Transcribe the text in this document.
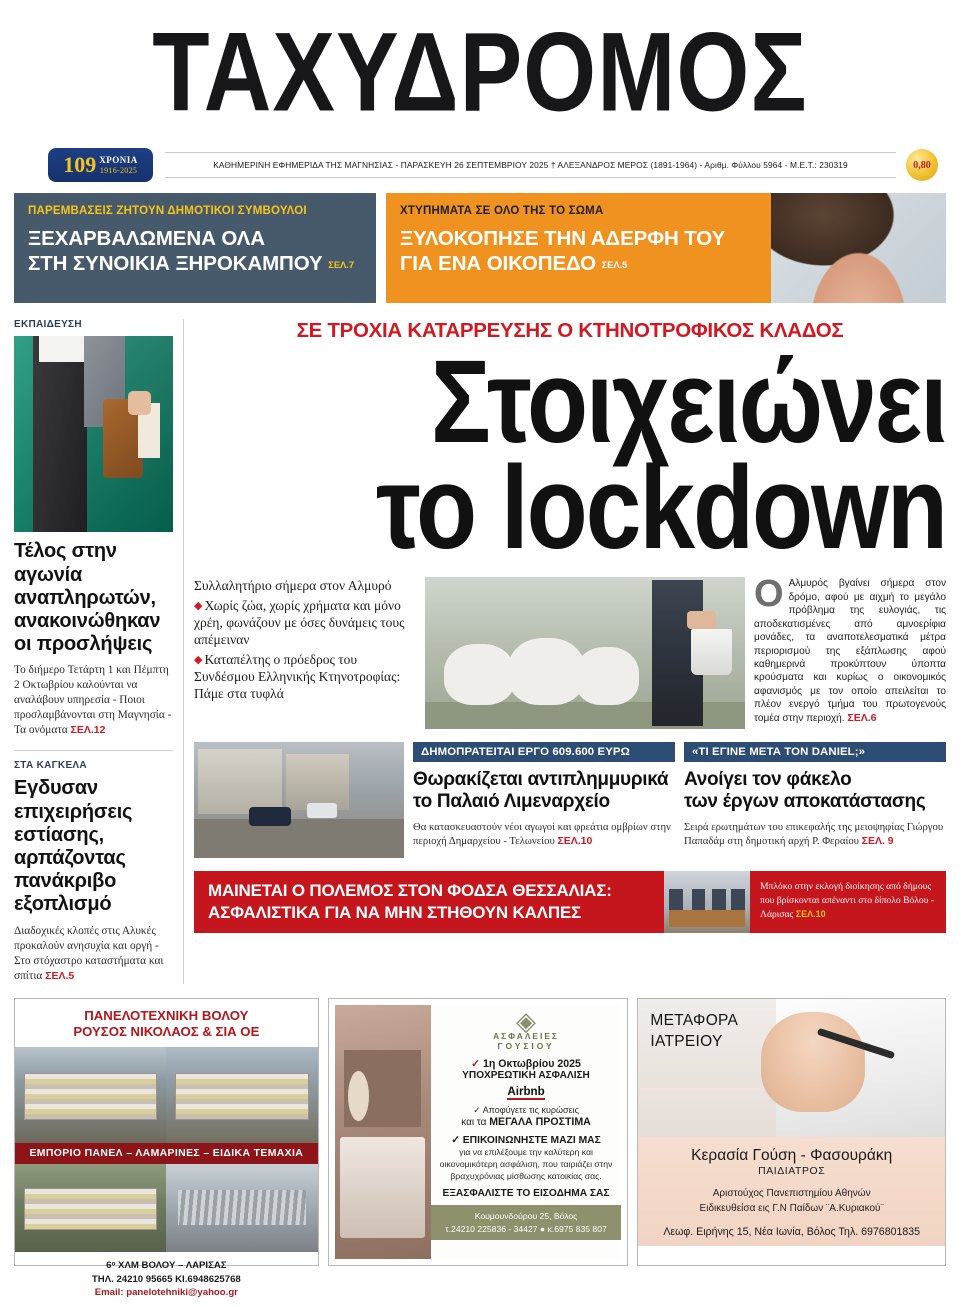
ΤΑΧΥΔΡΟΜΟΣ
109 ΧΡΟΝΙΑ
1916-2025	ΚΑΘΗΜΕΡΙΝΗ ΕΦΗΜΕΡΙΔΑ ΤΗΣ ΜΑΓΝΗΣΙΑΣ - ΠΑΡΑΣΚΕΥΗ 26 ΣΕΠΤΕΜΒΡΙΟΥ 2025 † ΑΛΕΞΑΝΔΡΟΣ ΜΕΡΟΣ (1891-1964) - Αριθμ. Φύλλου 5964 - Μ.Ε.Τ.: 230319	0,80
ΠΑΡΕΜΒΑΣΕΙΣ ΖΗΤΟΥΝ ΔΗΜΟΤΙΚΟΙ ΣΥΜΒΟΥΛΟΙ
ΞΕΧΑΡΒΑΛΩΜΕΝΑ ΟΛΑ
ΣΤΗ ΣΥΝΟΙΚΙΑ ΞΗΡΟΚΑΜΠΟΥ ΣΕΛ.7
ΧΤΥΠΗΜΑΤΑ ΣΕ ΟΛΟ ΤΗΣ ΤΟ ΣΩΜΑ
ΞΥΛΟΚΟΠΗΣΕ ΤΗΝ ΑΔΕΡΦΗ ΤΟΥ
ΓΙΑ ΕΝΑ ΟΙΚΟΠΕΔΟ ΣΕΛ.5
ΕΚΠΑΙΔΕΥΣΗ
Τέλος στην αγωνία αναπληρωτών, ανακοινώθηκαν οι προσλήψεις
Το διήμερο Τετάρτη 1 και Πέμπτη 2 Οκτωβρίου καλούνται να αναλάβουν υπηρεσία - Ποιοι προσλαμβάνονται στη Μαγνησία - Τα ονόματα ΣΕΛ.12
ΣΤΑ ΚΑΓΚΕΛΑ
Εγδυσαν επιχειρήσεις εστίασης, αρπάζοντας πανάκριβο εξοπλισμό
Διαδοχικές κλοπές στις Αλυκές προκαλούν ανησυχία και οργή - Στο στόχαστρο καταστήματα και σπίτια ΣΕΛ.5
ΣΕ ΤΡΟΧΙΑ ΚΑΤΑΡΡΕΥΣΗΣ Ο ΚΤΗΝΟΤΡΟΦΙΚΟΣ ΚΛΑΔΟΣ
Στοιχειώνει
το lockdown
Συλλαλητήριο σήμερα στον Αλμυρό
◆ Χωρίς ζώα, χωρίς χρήματα και μόνο χρέη, φωνάζουν με όσες δυνάμεις τους απέμειναν
◆ Καταπέλτης ο πρόεδρος του Συνδέσμου Ελληνικής Κτηνοτροφίας: Πάμε στα τυφλά
Ο Αλμυρός βγαίνει σήμερα στον δρόμο, αφού με αιχμή το μεγάλο πρόβλημα της ευλογιάς, τις αποδεκατισμένες από αμνοερίφια μονάδες, τα αναποτελεσματικά μέτρα περιορισμού της εξάπλωσης αφού καθημερινά προκύπτουν ύποπτα κρούσματα και κυρίως ο οικονομικός αφανισμός με τον οποίο απειλείται το πλέον ενεργό τμήμα του πρωτογενούς τομέα στην περιοχή. ΣΕΛ.6
ΔΗΜΟΠΡΑΤΕΙΤΑΙ ΕΡΓΟ 609.600 ΕΥΡΩ
Θωρακίζεται αντιπλημμυρικά
το Παλαιό Λιμεναρχείο
Θα κατασκευαστούν νέοι αγωγοί και φρεάτια ομβρίων στην περιοχή Δημαρχείου - Τελωνείου ΣΕΛ.10
«ΤΙ ΕΓΙΝΕ ΜΕΤΑ ΤΟΝ DANIEL;»
Ανοίγει τον φάκελο
των έργων αποκατάστασης
Σειρά ερωτημάτων του επικεφαλής της μειοψηφίας Γιώργου Παπαδάμ στη δημοτική αρχή Ρ. Φεραίου ΣΕΛ. 9
ΜΑΙΝΕΤΑΙ Ο ΠΟΛΕΜΟΣ ΣΤΟΝ ΦΟΔΣΑ ΘΕΣΣΑΛΙΑΣ:
ΑΣΦΑΛΙΣΤΙΚΑ ΓΙΑ ΝΑ ΜΗΝ ΣΤΗΘΟΥΝ ΚΑΛΠΕΣ

Μπλόκο στην εκλογή διοίκησης από δήμους που βρίσκονται απέναντι στο δίπολο Βόλου - Λάρισας ΣΕΛ.10

ΠΑΝΕΛΟΤΕΧΝΙΚΗ ΒΟΛΟΥ
ΡΟΥΣΟΣ ΝΙΚΟΛΑΟΣ & ΣΙΑ ΟΕ
ΕΜΠΟΡΙΟ ΠΑΝΕΛ – ΛΑΜΑΡΙΝΕΣ – ΕΙΔΙΚΑ ΤΕΜΑΧΙΑ
6ᵒ ΧΛΜ ΒΟΛΟΥ – ΛΑΡΙΣΑΣ
ΤΗΛ. 24210 95665 ΚΙ.6948625768
Email: panelotehniki@yahoo.gr
◈
ΑΣΦΑΛΕΙΕΣ
ΓΟΥΣΙΟΥ
✓ 1η Οκτωβρίου 2025
ΥΠΟΧΡΕΩΤΙΚΗ ΑΣΦΑΛΙΣΗ
Airbnb
✓ Αποφύγετε τις κυρώσεις
και τα ΜΕΓΑΛΑ ΠΡΟΣΤΙΜΑ
✓ ΕΠΙΚΟΙΝΩΝΗΣΤΕ ΜΑΖΙ ΜΑΣ
για να επιλέξουμε την καλύτερη και οικονομικότερη ασφάλιση, που ταιριάζει στην βραχυχρόνιας μίσθωσης κατοικίας σας.
ΕΞΑΣΦΑΛΙΣΤΕ ΤΟ ΕΙΣΟΔΗΜΑ ΣΑΣ
Κουμουνδούρου 25, Βόλος
τ.24210 225836 - 34427 ● κ.6975 835 807
ΜΕΤΑΦΟΡΑ
ΙΑΤΡΕΙΟΥ
Κερασία Γούση - Φασουράκη
ΠΑΙΔΙΑΤΡΟΣ
Αριστούχος Πανεπιστημίου Αθηνών
Ειδικευθείσα εις Γ.Ν Παίδων ¨Α.Κυριακού¨
Λεωφ. Ειρήνης 15, Νέα Ιωνία, Βόλος Τηλ. 6976801835
